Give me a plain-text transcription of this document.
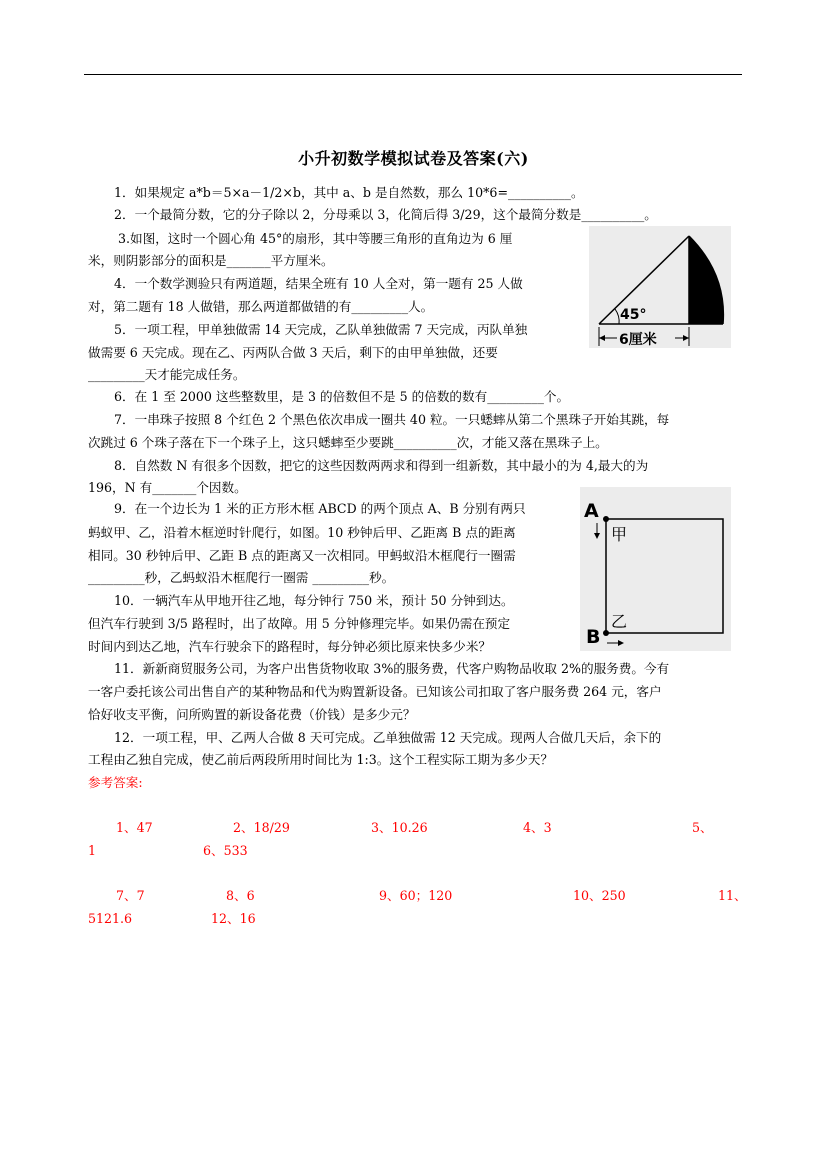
小升初数学模拟试卷及答案(六)
1．如果规定 a*b＝5×a－1/2×b，其中 a、b 是自然数，那么 10*6=__________。
2．一个最简分数，它的分子除以 2，分母乘以 3，化简后得 3/29，这个最简分数是__________。
3.如图，这时一个圆心角 45°的扇形，其中等腰三角形的直角边为 6 厘
米，则阴影部分的面积是_______平方厘米。
4．一个数学测验只有两道题，结果全班有 10 人全对，第一题有 25 人做
对，第二题有 18 人做错，那么两道都做错的有_________人。
5．一项工程，甲单独做需 14 天完成，乙队单独做需 7 天完成，丙队单独
做需要 6 天完成。现在乙、丙两队合做 3 天后，剩下的由甲单独做，还要
_________天才能完成任务。
6．在 1 至 2000 这些整数里，是 3 的倍数但不是 5 的倍数的数有_________个。
7．一串珠子按照 8 个红色 2 个黑色依次串成一圈共 40 粒。一只蟋蟀从第二个黑珠子开始其跳，每
次跳过 6 个珠子落在下一个珠子上，这只蟋蟀至少要跳__________次，才能又落在黑珠子上。
8．自然数 N 有很多个因数，把它的这些因数两两求和得到一组新数，其中最小的为 4,最大的为
196，N 有_______个因数。
9．在一个边长为 1 米的正方形木框 ABCD 的两个顶点 A、B 分别有两只
蚂蚁甲、乙，沿着木框逆时针爬行，如图。10 秒钟后甲、乙距离 B 点的距离
相同。30 秒钟后甲、乙距 B 点的距离又一次相同。甲蚂蚁沿木框爬行一圈需
_________秒，乙蚂蚁沿木框爬行一圈需 _________秒。
10．一辆汽车从甲地开往乙地，每分钟行 750 米，预计 50 分钟到达。
但汽车行驶到 3/5 路程时，出了故障。用 5 分钟修理完毕。如果仍需在预定
时间内到达乙地，汽车行驶余下的路程时，每分钟必须比原来快多少米？
11．新新商贸服务公司，为客户出售货物收取 3%的服务费，代客户购物品收取 2%的服务费。今有
一客户委托该公司出售自产的某种物品和代为购置新设备。已知该公司扣取了客户服务费 264 元，客户
恰好收支平衡，问所购置的新设备花费（价钱）是多少元？
12．一项工程，甲、乙两人合做 8 天可完成。乙单独做需 12 天完成。现两人合做几天后，余下的
工程由乙独自完成，使乙前后两段所用时间比为 1:3。这个工程实际工期为多少天？
参考答案:
1、47	2、18/29	3、10.26	4、3	5、
1	6、533
7、7	8、6	9、60；120	10、250	11、
5121.6	12、16
45°
6厘米
A
B
甲
乙
